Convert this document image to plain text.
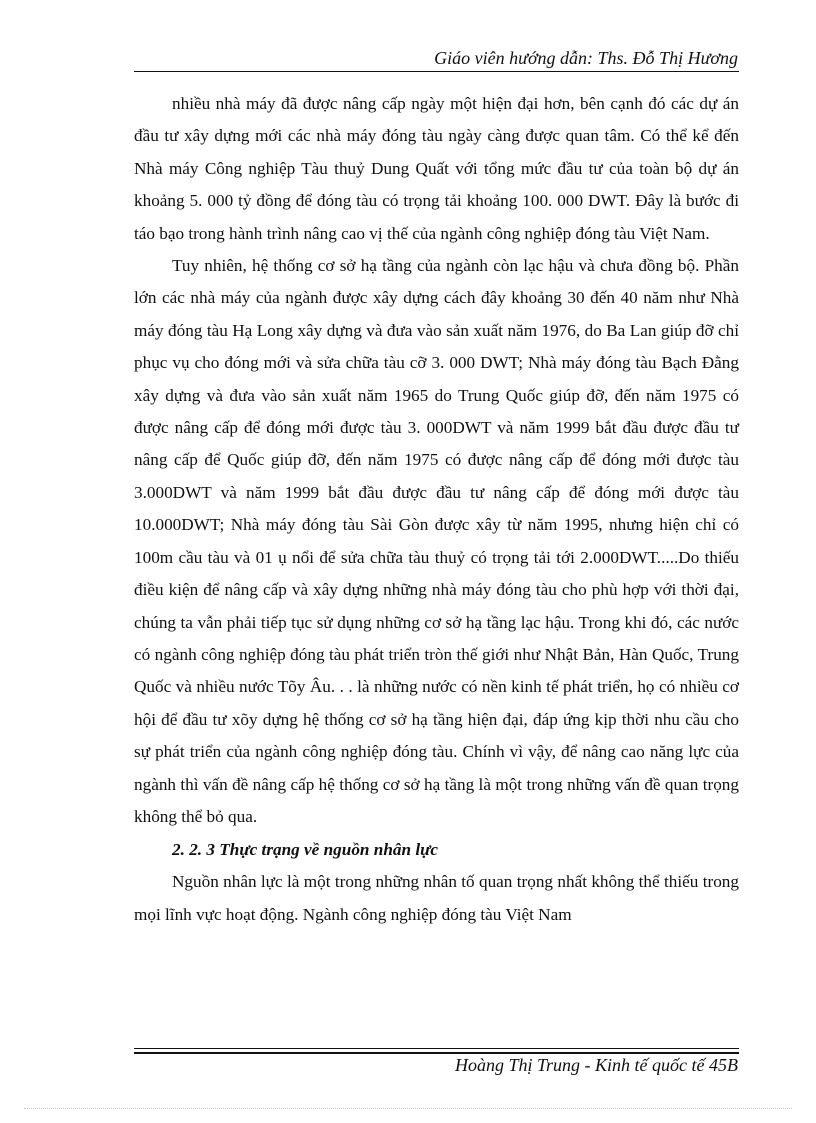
Giáo viên hướng dẫn: Ths. Đỗ Thị Hương

nhiều nhà máy đã được nâng cấp ngày một hiện đại hơn, bên cạnh đó các dự án đầu tư xây dựng mới các nhà máy đóng tàu ngày càng được quan tâm. Có thể kể đến Nhà máy Công nghiệp Tàu thuỷ Dung Quất với tổng mức đầu tư của toàn bộ dự án khoảng 5. 000 tỷ đồng để đóng tàu có trọng tải khoảng 100. 000 DWT. Đây là bước đi táo bạo trong hành trình nâng cao vị thế của ngành công nghiệp đóng tàu Việt Nam.

Tuy nhiên, hệ thống cơ sở hạ tầng của ngành còn lạc hậu và chưa đồng bộ. Phần lớn các nhà máy của ngành được xây dựng cách đây khoảng 30 đến 40 năm như Nhà máy đóng tàu Hạ Long xây dựng và đưa vào sản xuất năm 1976, do Ba Lan giúp đỡ chỉ phục vụ cho đóng mới và sửa chữa tàu cỡ 3. 000 DWT; Nhà máy đóng tàu Bạch Đằng xây dựng và đưa vào sản xuất năm 1965 do Trung Quốc giúp đỡ, đến năm 1975 có được nâng cấp để đóng mới được tàu 3. 000DWT và năm 1999 bắt đầu được đầu tư nâng cấp để Quốc giúp đỡ, đến năm 1975 có được nâng cấp để đóng mới được tàu 3.000DWT và năm 1999 bắt đầu được đầu tư nâng cấp để đóng mới được tàu 10.000DWT; Nhà máy đóng tàu Sài Gòn được xây từ năm 1995, nhưng hiện chỉ có 100m cầu tàu và 01 ụ nổi để sửa chữa tàu thuỷ có trọng tải tới 2.000DWT.....Do thiếu điều kiện để nâng cấp và xây dựng những nhà máy đóng tàu cho phù hợp với thời đại, chúng ta vẫn phải tiếp tục sử dụng những cơ sở hạ tầng lạc hậu. Trong khi đó, các nước có ngành công nghiệp đóng tàu phát triển tròn thế giới như Nhật Bản, Hàn Quốc, Trung Quốc và nhiều nước Tõy Âu. . . là những nước có nền kinh tế phát triển, họ có nhiều cơ hội để đầu tư xõy dựng hệ thống cơ sở hạ tầng hiện đại, đáp ứng kịp thời nhu cầu cho sự phát triển của ngành công nghiệp đóng tàu. Chính vì vậy, để nâng cao năng lực của ngành thì vấn đề nâng cấp hệ thống cơ sở hạ tầng là một trong những vấn đề quan trọng không thể bỏ qua.

2. 2. 3 Thực trạng về nguồn nhân lực

Nguồn nhân lực là một trong những nhân tố quan trọng nhất không thể thiếu trong mọi lĩnh vực hoạt động. Ngành công nghiệp đóng tàu Việt Nam

Hoàng Thị Trung - Kinh tế quốc tế 45B
